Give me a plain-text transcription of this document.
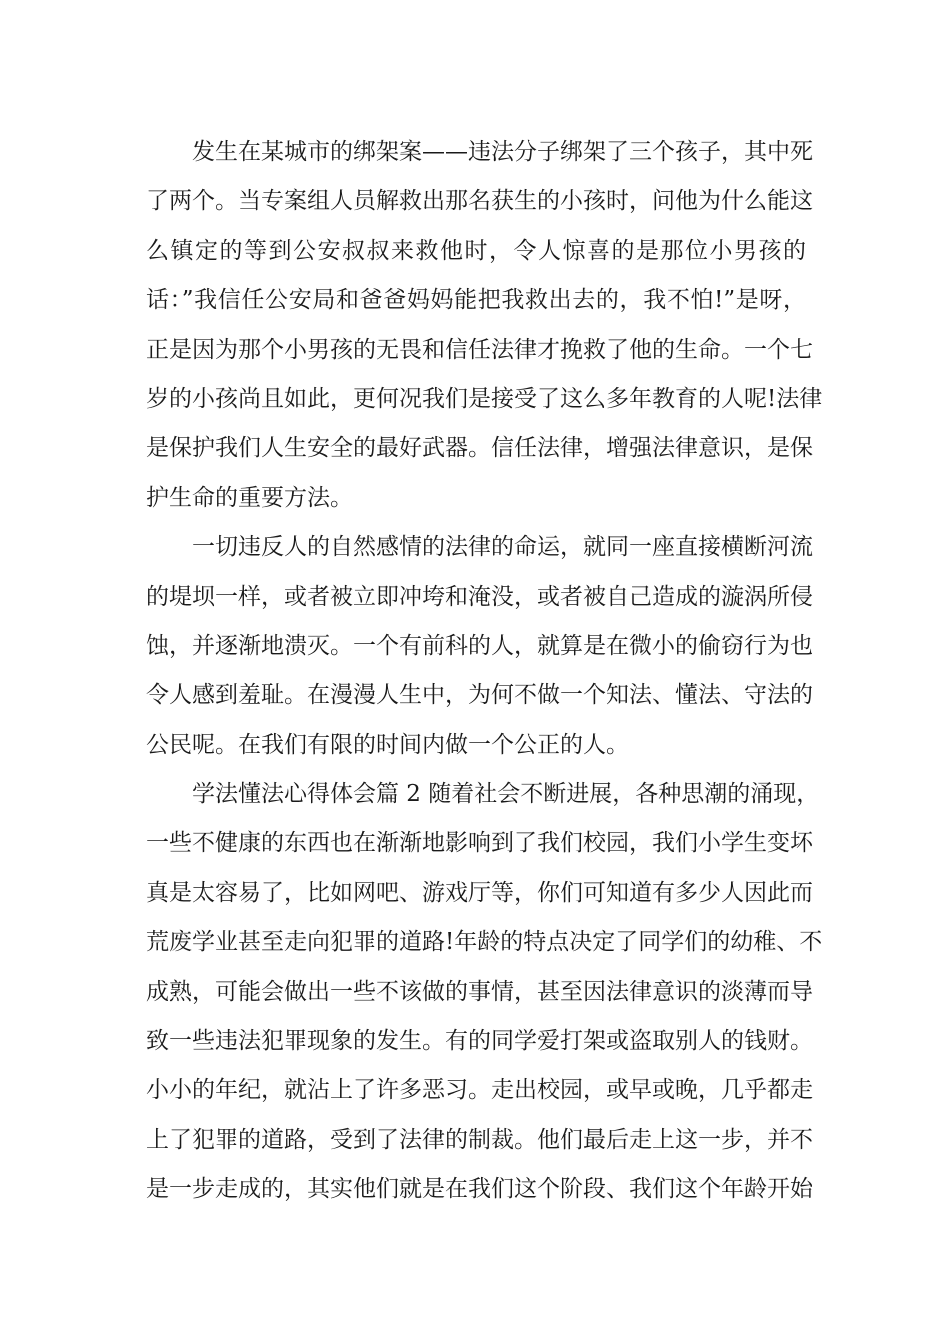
发生在某城市的绑架案——违法分子绑架了三个孩子，其中死
了两个。当专案组人员解救出那名获生的小孩时，问他为什么能这
么镇定的等到公安叔叔来救他时，令人惊喜的是那位小男孩的
话：”我信任公安局和爸爸妈妈能把我救出去的，我不怕!”是呀，
正是因为那个小男孩的无畏和信任法律才挽救了他的生命。一个七
岁的小孩尚且如此，更何况我们是接受了这么多年教育的人呢!法律
是保护我们人生安全的最好武器。信任法律，增强法律意识，是保
护生命的重要方法。
一切违反人的自然感情的法律的命运，就同一座直接横断河流
的堤坝一样，或者被立即冲垮和淹没，或者被自己造成的漩涡所侵
蚀，并逐渐地溃灭。一个有前科的人，就算是在微小的偷窃行为也
令人感到羞耻。在漫漫人生中，为何不做一个知法、懂法、守法的
公民呢。在我们有限的时间内做一个公正的人。
学法懂法心得体会篇 2 随着社会不断进展，各种思潮的涌现，
一些不健康的东西也在渐渐地影响到了我们校园，我们小学生变坏
真是太容易了，比如网吧、游戏厅等，你们可知道有多少人因此而
荒废学业甚至走向犯罪的道路!年龄的特点决定了同学们的幼稚、不
成熟，可能会做出一些不该做的事情，甚至因法律意识的淡薄而导
致一些违法犯罪现象的发生。有的同学爱打架或盗取别人的钱财。
小小的年纪，就沾上了许多恶习。走出校园，或早或晚，几乎都走
上了犯罪的道路，受到了法律的制裁。他们最后走上这一步，并不
是一步走成的，其实他们就是在我们这个阶段、我们这个年龄开始
